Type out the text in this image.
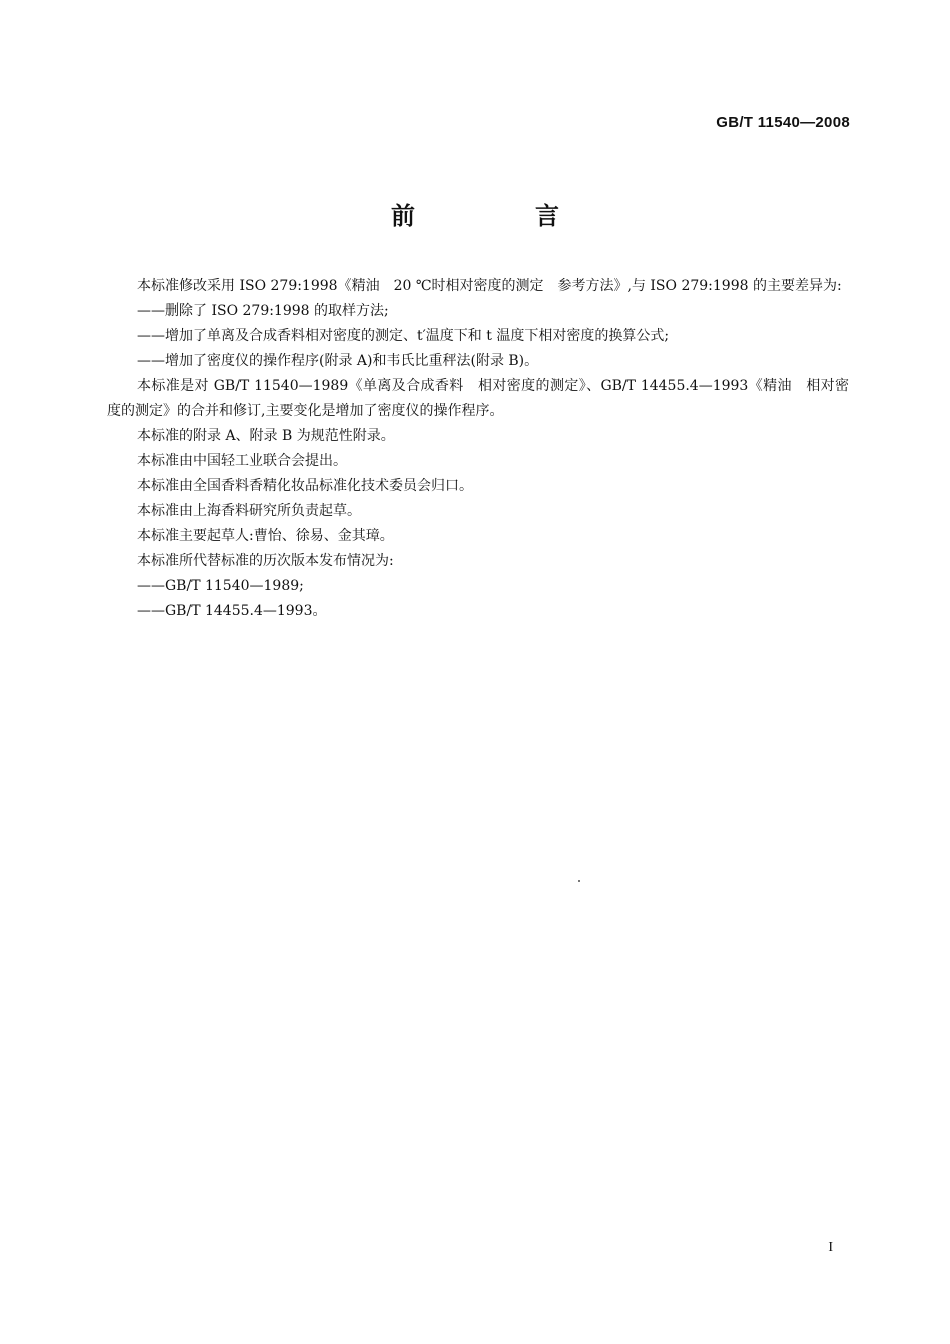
GB/T 11540—2008
前　言

本标准修改采用 ISO 279:1998《精油　20 ℃时相对密度的测定　参考方法》,与 ISO 279:1998 的主要差异为:

——删除了 ISO 279:1998 的取样方法;

——增加了单离及合成香料相对密度的测定、t′温度下和 t 温度下相对密度的换算公式;

——增加了密度仪的操作程序(附录 A)和韦氏比重秤法(附录 B)。

本标准是对 GB/T 11540—1989《单离及合成香料　相对密度的测定》、GB/T 14455.4—1993《精油　相对密度的测定》的合并和修订,主要变化是增加了密度仪的操作程序。

本标准的附录 A、附录 B 为规范性附录。

本标准由中国轻工业联合会提出。

本标准由全国香料香精化妆品标准化技术委员会归口。

本标准由上海香料研究所负责起草。

本标准主要起草人:曹怡、徐易、金其璋。

本标准所代替标准的历次版本发布情况为:

——GB/T 11540—1989;

——GB/T 14455.4—1993。

I
